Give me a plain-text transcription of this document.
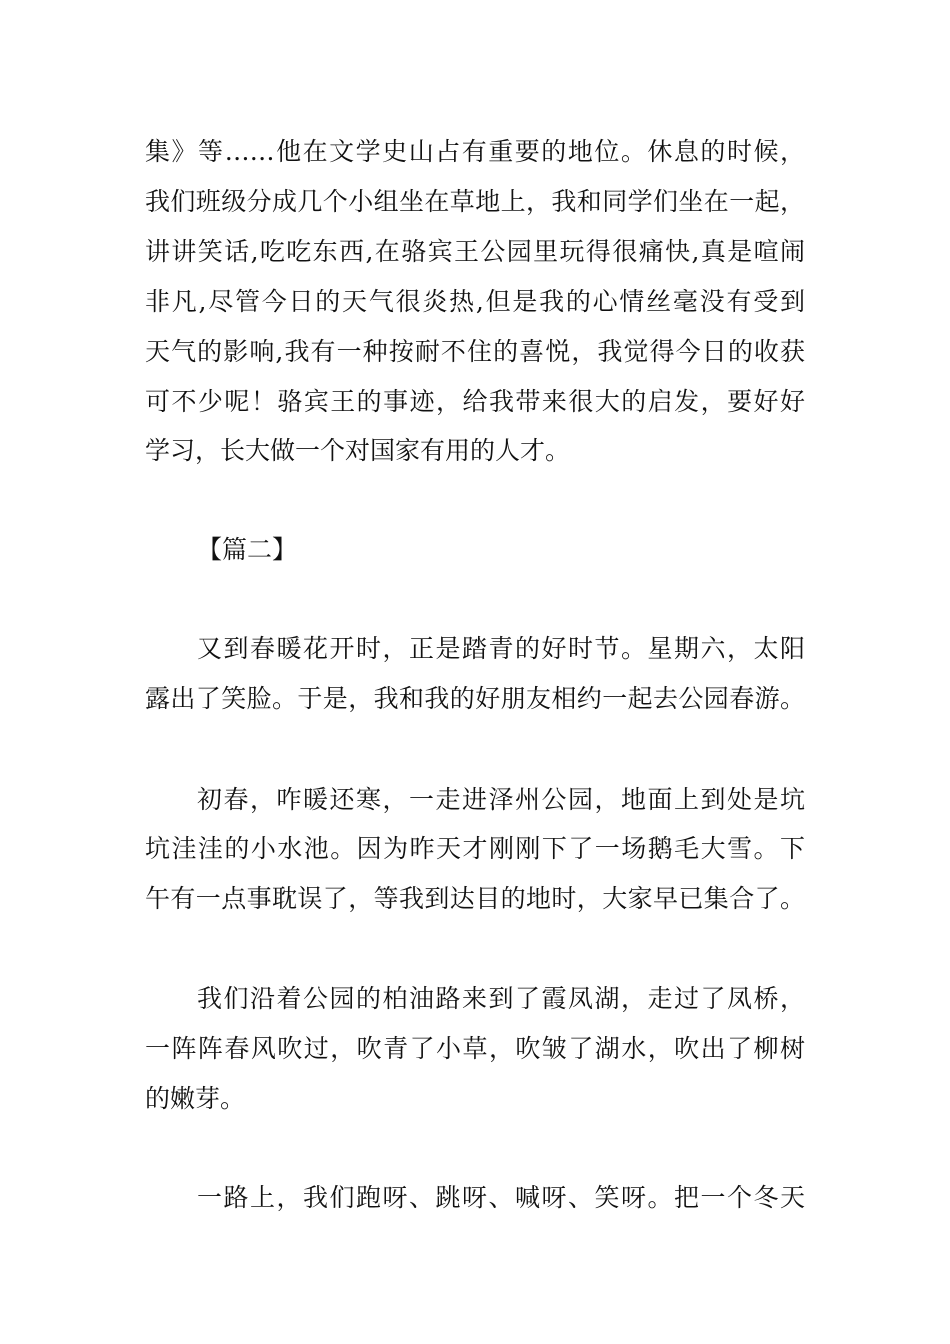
集》等……他在文学史山占有重要的地位。休息的时候，
我们班级分成几个小组坐在草地上，我和同学们坐在一起，
讲讲笑话,吃吃东西,在骆宾王公园里玩得很痛快,真是喧闹
非凡,尽管今日的天气很炎热,但是我的心情丝毫没有受到
天气的影响,我有一种按耐不住的喜悦，我觉得今日的收获
可不少呢！骆宾王的事迹，给我带来很大的启发，要好好
学习，长大做一个对国家有用的人才。
【篇二】
又到春暖花开时，正是踏青的好时节。星期六，太阳
露出了笑脸。于是，我和我的好朋友相约一起去公园春游。
初春，咋暖还寒，一走进泽州公园，地面上到处是坑
坑洼洼的小水池。因为昨天才刚刚下了一场鹅毛大雪。下
午有一点事耽误了，等我到达目的地时，大家早已集合了。
我们沿着公园的柏油路来到了霞凤湖，走过了凤桥，
一阵阵春风吹过，吹青了小草，吹皱了湖水，吹出了柳树
的嫩芽。
一路上，我们跑呀、跳呀、喊呀、笑呀。把一个冬天
